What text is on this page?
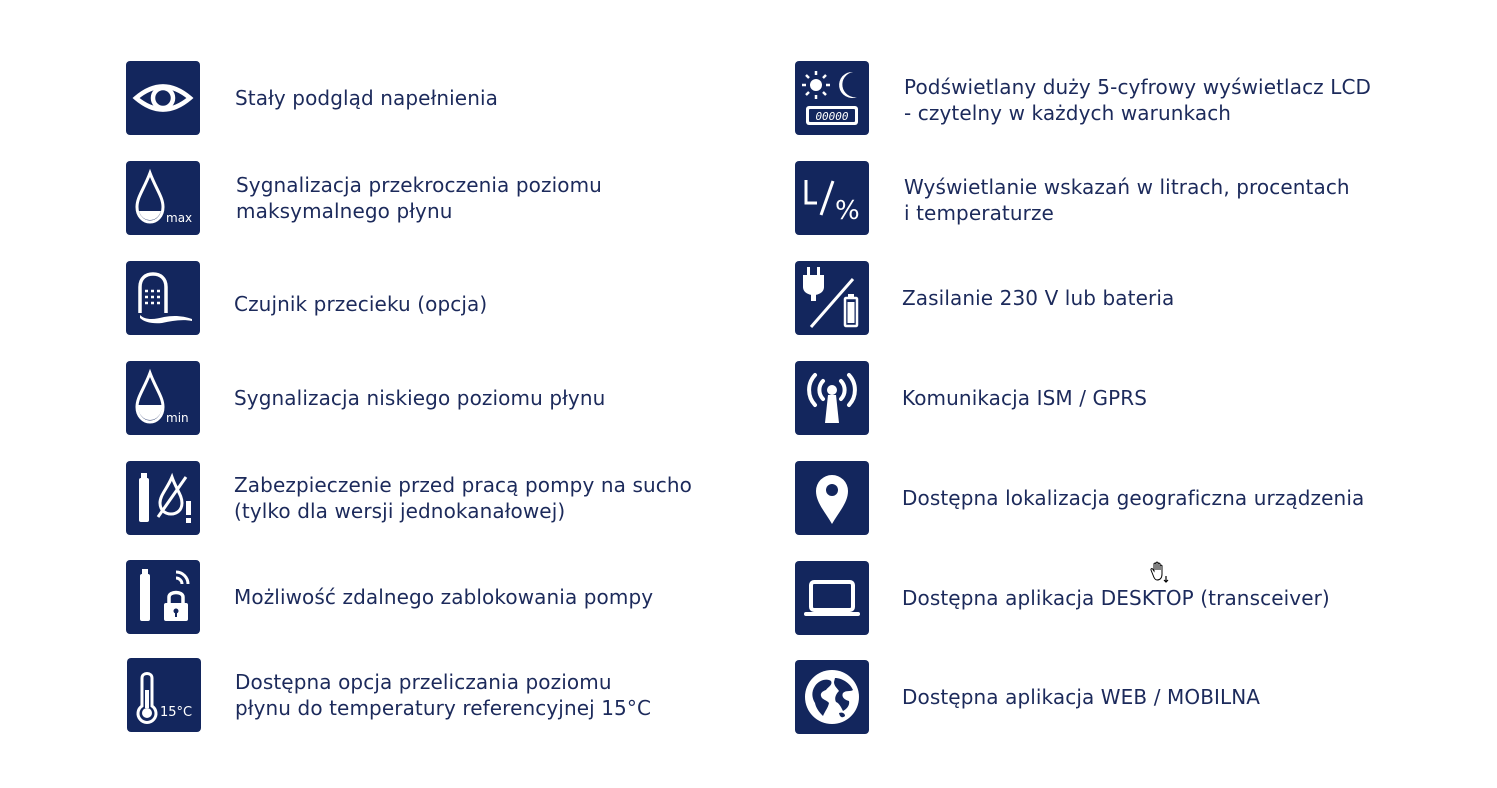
Stały podgląd napełnienia
max
Sygnalizacja przekroczenia poziomu
maksymalnego płynu
Czujnik przecieku (opcja)
min
Sygnalizacja niskiego poziomu płynu
Zabezpieczenie przed pracą pompy na sucho
(tylko dla wersji jednokanałowej)
Możliwość zdalnego zablokowania pompy
15°C
Dostępna opcja przeliczania poziomu
płynu do temperatury referencyjnej 15°C
00000
Podświetlany duży 5-cyfrowy wyświetlacz LCD
- czytelny w każdych warunkach
%
Wyświetlanie wskazań w litrach, procentach
i temperaturze
Zasilanie 230 V lub bateria
Komunikacja ISM / GPRS
Dostępna lokalizacja geograficzna urządzenia
Dostępna aplikacja DESKTOP (transceiver)
Dostępna aplikacja WEB / MOBILNA
